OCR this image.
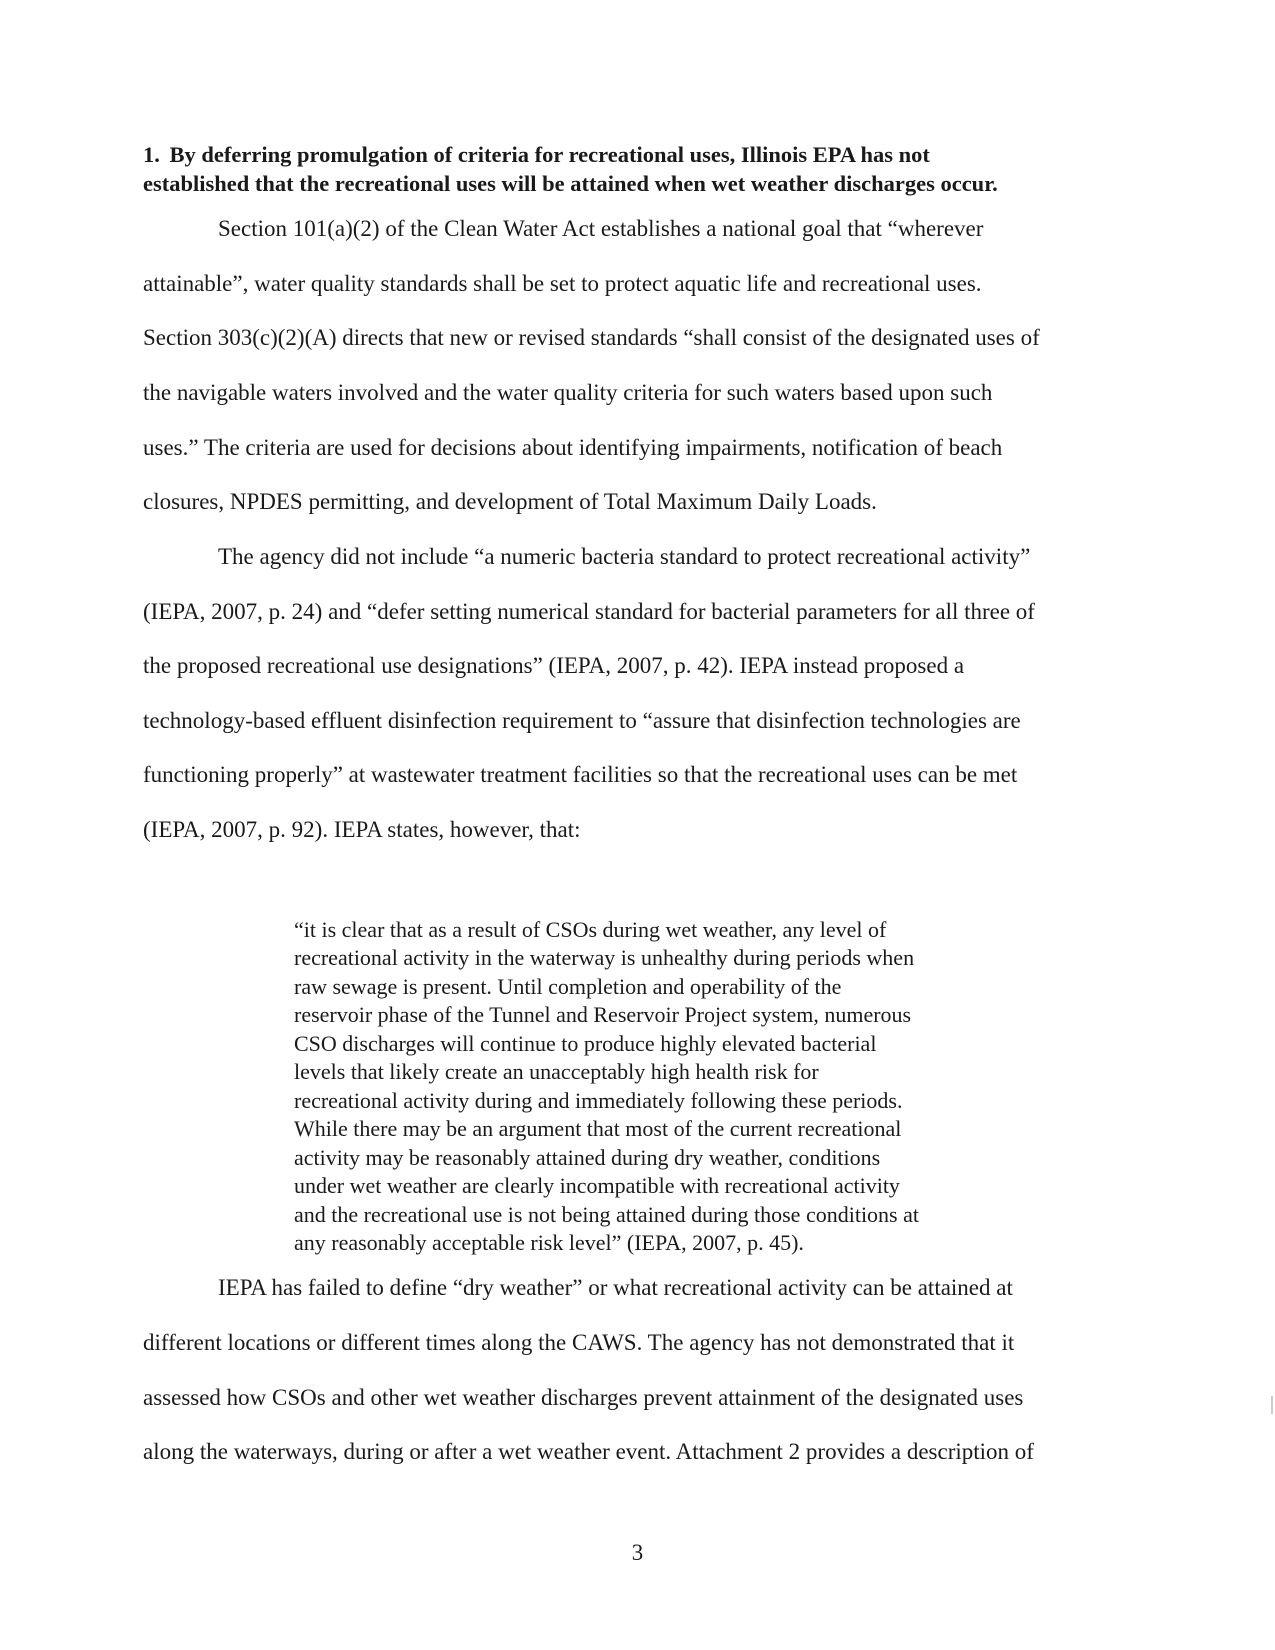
1. By deferring promulgation of criteria for recreational uses, Illinois EPA has not
established that the recreational uses will be attained when wet weather discharges occur.
Section 101(a)(2) of the Clean Water Act establishes a national goal that “wherever
attainable”, water quality standards shall be set to protect aquatic life and recreational uses.
Section 303(c)(2)(A) directs that new or revised standards “shall consist of the designated uses of
the navigable waters involved and the water quality criteria for such waters based upon such
uses.” The criteria are used for decisions about identifying impairments, notification of beach
closures, NPDES permitting, and development of Total Maximum Daily Loads.
The agency did not include “a numeric bacteria standard to protect recreational activity”
(IEPA, 2007, p. 24) and “defer setting numerical standard for bacterial parameters for all three of
the proposed recreational use designations” (IEPA, 2007, p. 42). IEPA instead proposed a
technology-based effluent disinfection requirement to “assure that disinfection technologies are
functioning properly” at wastewater treatment facilities so that the recreational uses can be met
(IEPA, 2007, p. 92). IEPA states, however, that:
“it is clear that as a result of CSOs during wet weather, any level of
recreational activity in the waterway is unhealthy during periods when
raw sewage is present. Until completion and operability of the
reservoir phase of the Tunnel and Reservoir Project system, numerous
CSO discharges will continue to produce highly elevated bacterial
levels that likely create an unacceptably high health risk for
recreational activity during and immediately following these periods.
While there may be an argument that most of the current recreational
activity may be reasonably attained during dry weather, conditions
under wet weather are clearly incompatible with recreational activity
and the recreational use is not being attained during those conditions at
any reasonably acceptable risk level” (IEPA, 2007, p. 45).
IEPA has failed to define “dry weather” or what recreational activity can be attained at
different locations or different times along the CAWS. The agency has not demonstrated that it
assessed how CSOs and other wet weather discharges prevent attainment of the designated uses
along the waterways, during or after a wet weather event. Attachment 2 provides a description of
3
